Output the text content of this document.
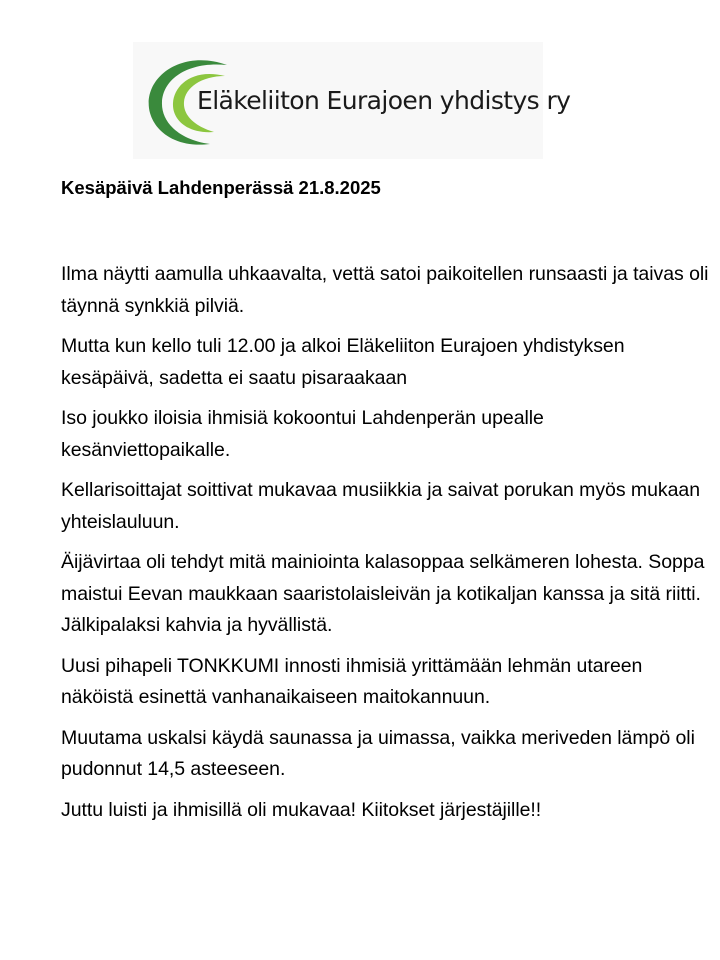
Eläkeliiton Eurajoen yhdistys ry
Kesäpäivä Lahdenperässä 21.8.2025

Ilma näytti aamulla uhkaavalta, vettä satoi paikoitellen runsaasti ja taivas oli täynnä synkkiä pilviä.

Mutta kun kello tuli 12.00 ja alkoi Eläkeliiton Eurajoen yhdistyksen kesäpäivä, sadetta ei saatu pisaraakaan

Iso joukko iloisia ihmisiä kokoontui Lahdenperän upealle kesänviettopaikalle.

Kellarisoittajat soittivat mukavaa musiikkia ja saivat porukan myös mukaan yhteislauluun.

Äijävirtaa oli tehdyt mitä mainiointa kalasoppaa selkämeren lohesta. Soppa maistui Eevan maukkaan saaristolaisleivän ja kotikaljan kanssa ja sitä riitti. Jälkipalaksi kahvia ja hyvällistä.

Uusi pihapeli TONKKUMI innosti ihmisiä yrittämään lehmän utareen näköistä esinettä vanhanaikaiseen maitokannuun.

Muutama uskalsi käydä saunassa ja uimassa, vaikka meriveden lämpö oli pudonnut 14,5 asteeseen.

Juttu luisti ja ihmisillä oli mukavaa! Kiitokset järjestäjille!!
